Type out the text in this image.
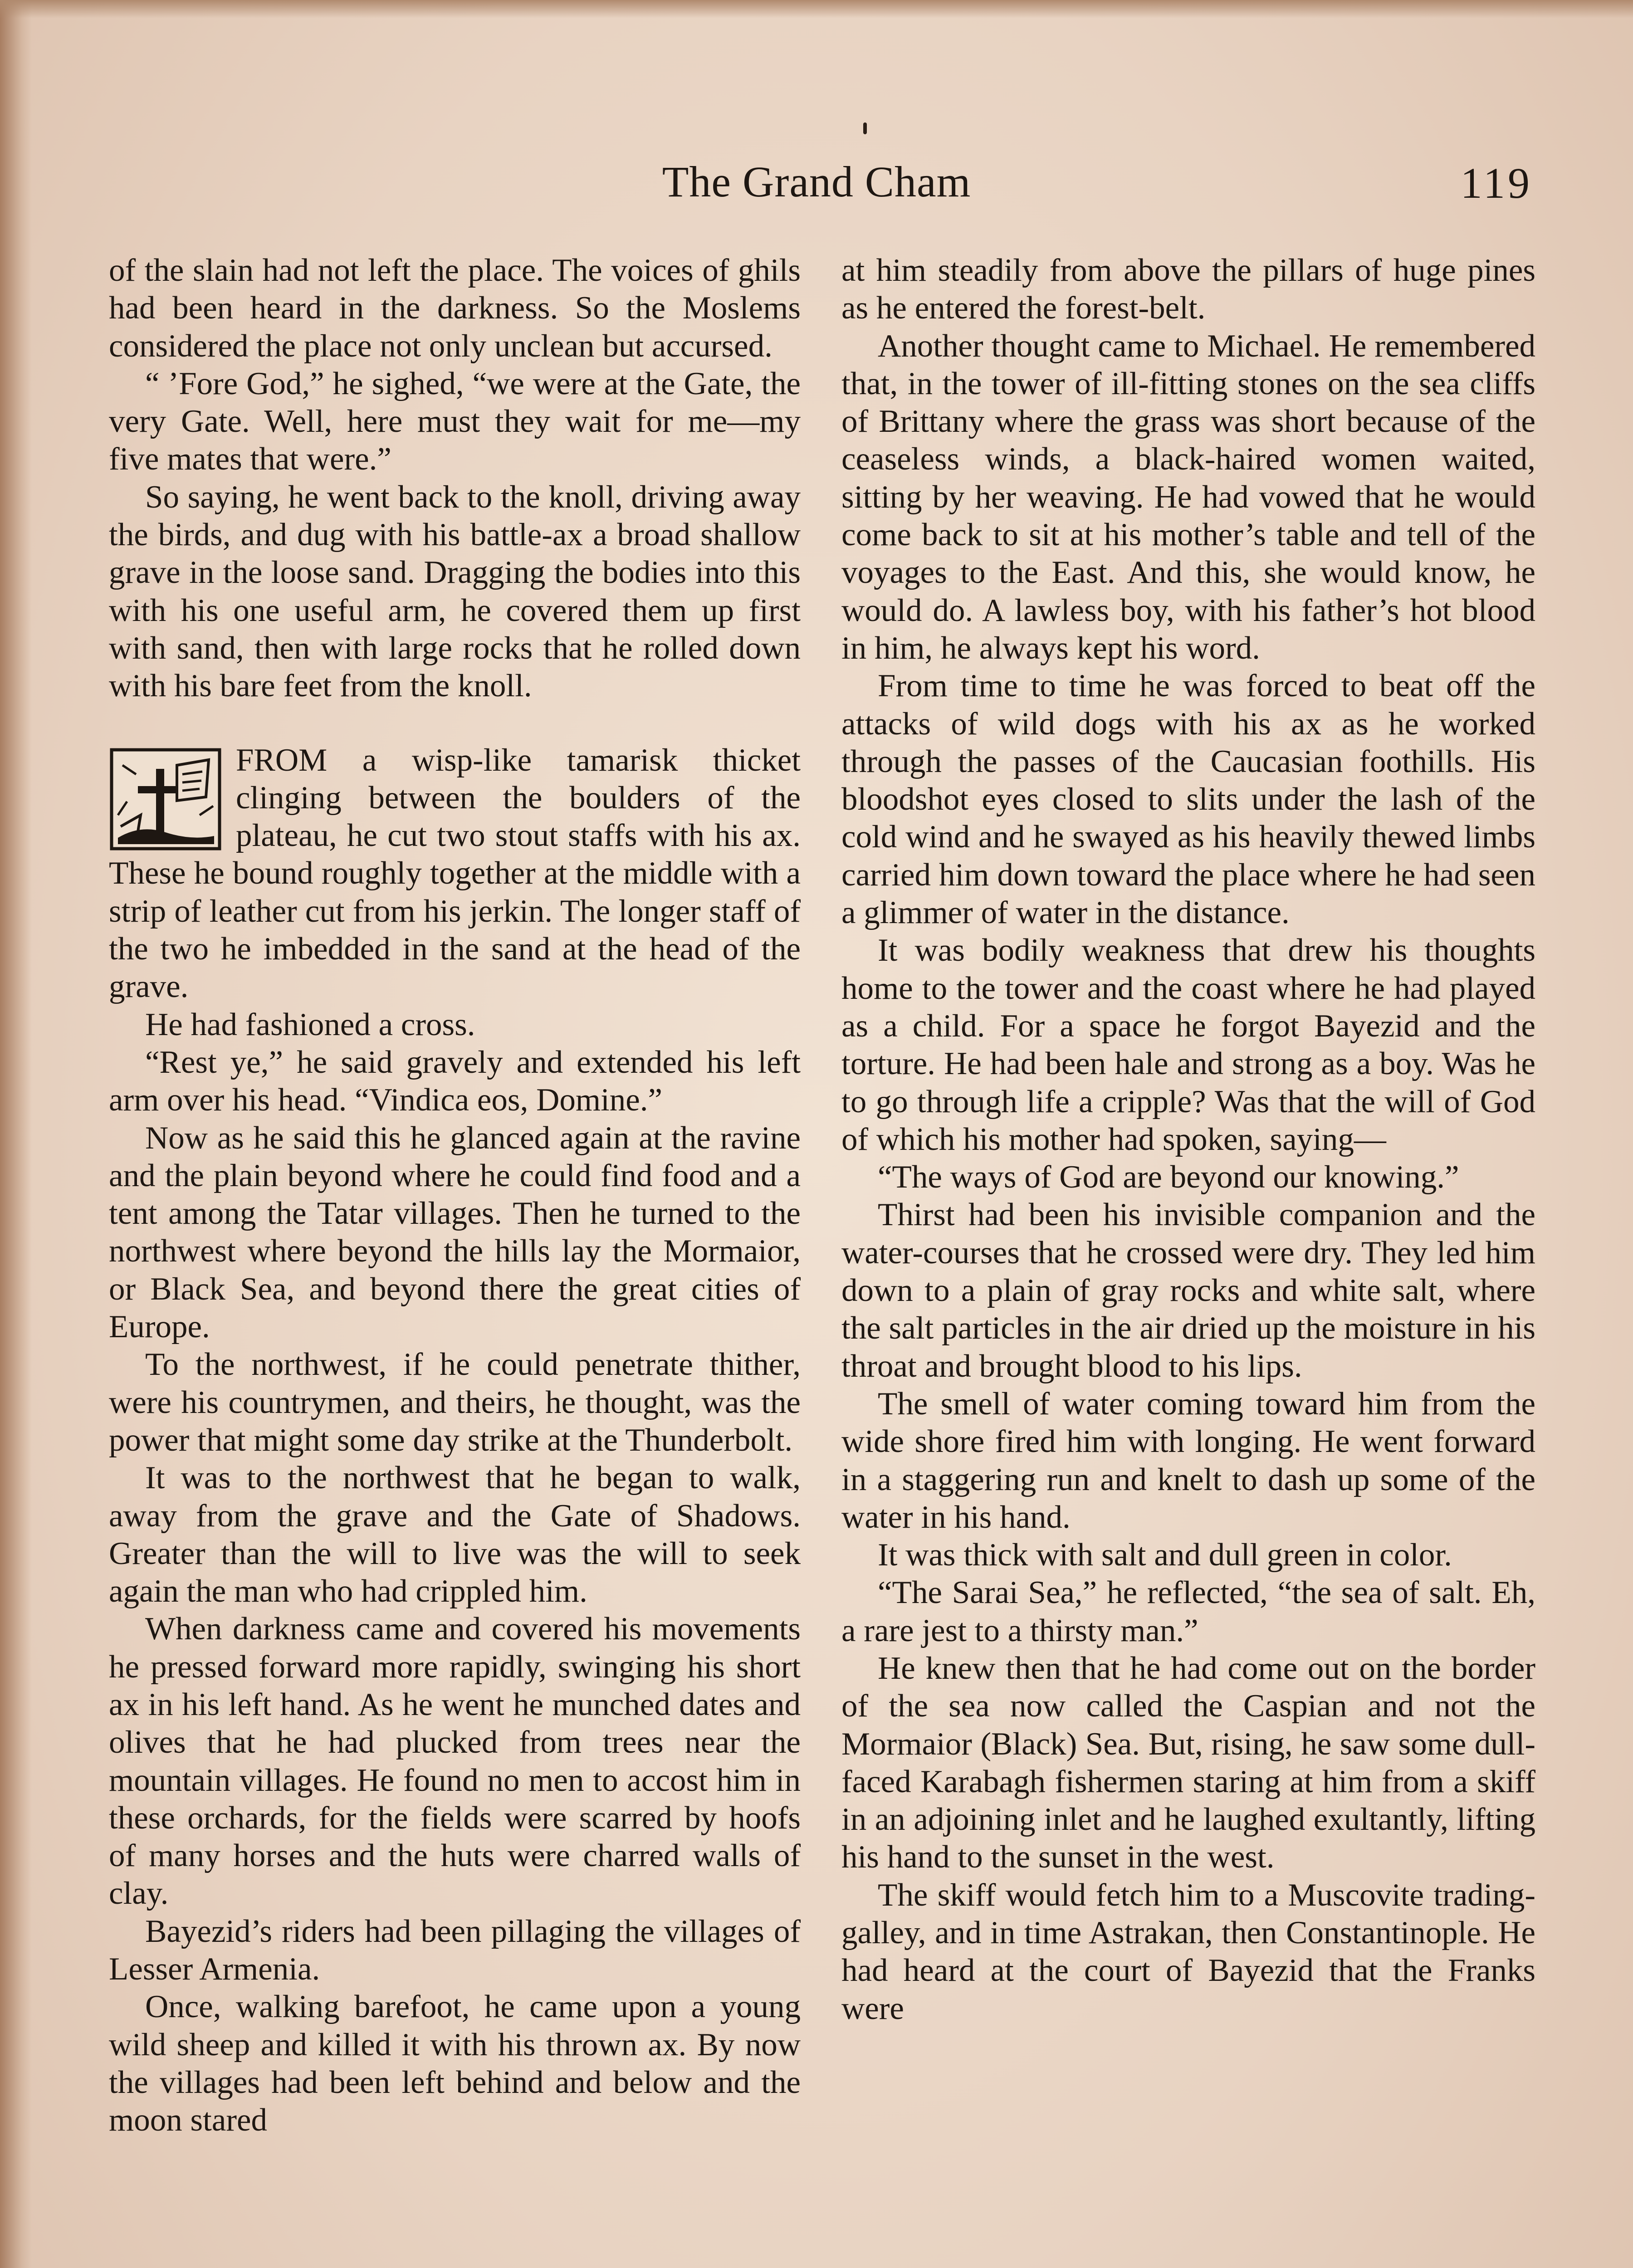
The Grand Cham	119

of the slain had not left the place. The voices of ghils had been heard in the darkness. So the Moslems considered the place not only unclean but accursed.

“ ’Fore God,” he sighed, “we were at the Gate, the very Gate. Well, here must they wait for me—my five mates that were.”

So saying, he went back to the knoll, driving away the birds, and dug with his battle-ax a broad shallow grave in the loose sand. Dragging the bodies into this with his one useful arm, he covered them up first with sand, then with large rocks that he rolled down with his bare feet from the knoll.

FROM a wisp-like tamarisk thicket clinging between the boulders of the plateau, he cut two stout staffs with his ax. These he bound roughly together at the middle with a strip of leather cut from his jerkin. The longer staff of the two he imbedded in the sand at the head of the grave.

He had fashioned a cross.

“Rest ye,” he said gravely and extended his left arm over his head. “Vindica eos, Domine.”

Now as he said this he glanced again at the ravine and the plain beyond where he could find food and a tent among the Tatar villages. Then he turned to the northwest where beyond the hills lay the Mormaior, or Black Sea, and beyond there the great cities of Europe.

To the northwest, if he could penetrate thither, were his countrymen, and theirs, he thought, was the power that might some day strike at the Thunderbolt.

It was to the northwest that he began to walk, away from the grave and the Gate of Shadows. Greater than the will to live was the will to seek again the man who had crippled him.

When darkness came and covered his movements he pressed forward more rapidly, swinging his short ax in his left hand. As he went he munched dates and olives that he had plucked from trees near the mountain villages. He found no men to accost him in these orchards, for the fields were scarred by hoofs of many horses and the huts were charred walls of clay.

Bayezid’s riders had been pillaging the villages of Lesser Armenia.

Once, walking barefoot, he came upon a young wild sheep and killed it with his thrown ax. By now the villages had been left behind and below and the moon stared

at him steadily from above the pillars of huge pines as he entered the forest-belt.

Another thought came to Michael. He remembered that, in the tower of ill-fitting stones on the sea cliffs of Brittany where the grass was short because of the ceaseless winds, a black-haired women waited, sitting by her weaving. He had vowed that he would come back to sit at his mother’s table and tell of the voyages to the East. And this, she would know, he would do. A lawless boy, with his father’s hot blood in him, he always kept his word.

From time to time he was forced to beat off the attacks of wild dogs with his ax as he worked through the passes of the Caucasian foothills. His bloodshot eyes closed to slits under the lash of the cold wind and he swayed as his heavily thewed limbs carried him down toward the place where he had seen a glimmer of water in the distance.

It was bodily weakness that drew his thoughts home to the tower and the coast where he had played as a child. For a space he forgot Bayezid and the torture. He had been hale and strong as a boy. Was he to go through life a cripple? Was that the will of God of which his mother had spoken, saying—

“The ways of God are beyond our knowing.”

Thirst had been his invisible companion and the water-courses that he crossed were dry. They led him down to a plain of gray rocks and white salt, where the salt particles in the air dried up the moisture in his throat and brought blood to his lips.

The smell of water coming toward him from the wide shore fired him with longing. He went forward in a staggering run and knelt to dash up some of the water in his hand.

It was thick with salt and dull green in color.

“The Sarai Sea,” he reflected, “the sea of salt. Eh, a rare jest to a thirsty man.”

He knew then that he had come out on the border of the sea now called the Caspian and not the Mormaior (Black) Sea. But, rising, he saw some dull-faced Karabagh fishermen staring at him from a skiff in an adjoining inlet and he laughed exultantly, lifting his hand to the sunset in the west.

The skiff would fetch him to a Muscovite trading-galley, and in time Astrakan, then Constantinople. He had heard at the court of Bayezid that the Franks were
